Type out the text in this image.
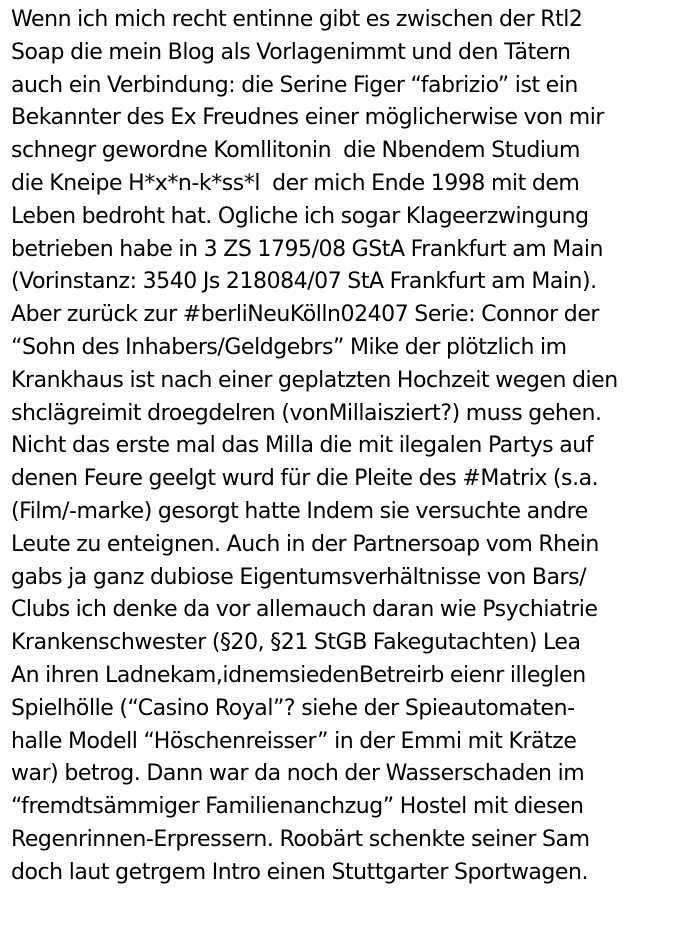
Wenn ich mich recht entinne gibt es zwischen der Rtl2
Soap die mein Blog als Vorlagenimmt und den Tätern
auch ein Verbindung: die Serine Figer “fabrizio” ist ein
Bekannter des Ex Freudnes einer möglicherwise von mir
schnegr gewordne Komllitonin  die Nbendem Studium
die Kneipe H*x*n-k*ss*l  der mich Ende 1998 mit dem
Leben bedroht hat. Ogliche ich sogar Klageerzwingung
betrieben habe in 3 ZS 1795/08 GStA Frankfurt am Main
(Vorinstanz: 3540 Js 218084/07 StA Frankfurt am Main).
Aber zurück zur #berliNeuKölln02407 Serie: Connor der
“Sohn des Inhabers/Geldgebrs” Mike der plötzlich im
Krankhaus ist nach einer geplatzten Hochzeit wegen dien
shclägreimit droegdelren (vonMillaisziert?) muss gehen.
Nicht das erste mal das Milla die mit ilegalen Partys auf
denen Feure geelgt wurd für die Pleite des #Matrix (s.a.
(Film/-marke) gesorgt hatte Indem sie versuchte andre
Leute zu enteignen. Auch in der Partnersoap vom Rhein
gabs ja ganz dubiose Eigentumsverhältnisse von Bars/
Clubs ich denke da vor allemauch daran wie Psychiatrie
Krankenschwester (§20, §21 StGB Fakegutachten) Lea
An ihren Ladnekam,idnemsiedenBetreirb eienr illeglen
Spielhölle (“Casino Royal”? siehe der Spieautomaten-
halle Modell “Höschenreisser” in der Emmi mit Krätze
war) betrog. Dann war da noch der Wasserschaden im
“fremdtsämmiger Familienanchzug” Hostel mit diesen
Regenrinnen-Erpressern. Roobärt schenkte seiner Sam
doch laut getrgem Intro einen Stuttgarter Sportwagen.
